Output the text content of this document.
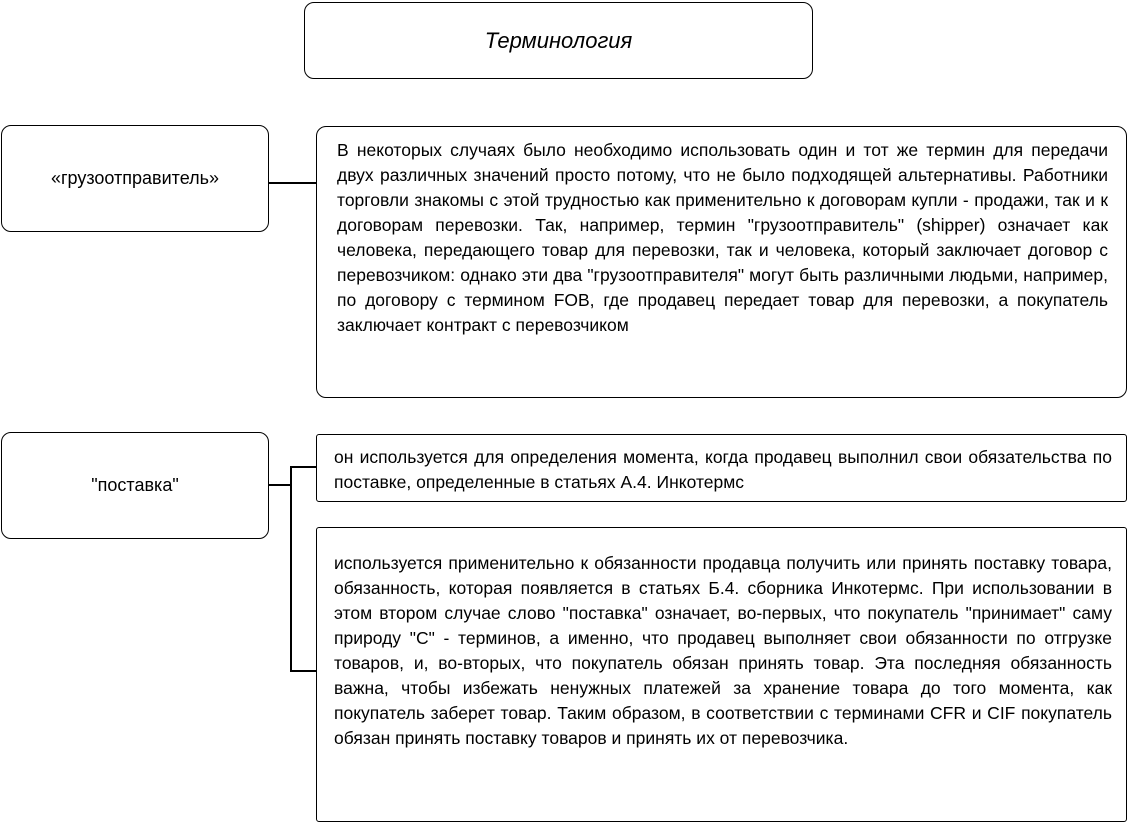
Терминология
«грузоотправитель»
В некоторых случаях было необходимо использовать один и тот же термин для передачи двух различных значений просто потому, что не было подходящей альтернативы. Работники торговли знакомы с этой трудностью как применительно к договорам купли - продажи, так и к договорам перевозки. Так, например, термин "грузоотправитель" (shipper) означает как человека, передающего товар для перевозки, так и человека, который заключает договор с перевозчиком: однако эти два "грузоотправителя" могут быть различными людьми, например, по договору с термином FOB, где продавец передает товар для перевозки, а покупатель заключает контракт с перевозчиком
"поставка"
он используется для определения момента, когда продавец выполнил свои обязательства по поставке, определенные в статьях А.4. Инкотермс
используется применительно к обязанности продавца получить или принять поставку товара, обязанность, которая появляется в статьях Б.4. сборника Инкотермс. При использовании в этом втором случае слово "поставка" означает, во-первых, что покупатель "принимает" саму природу "C" - терминов, а именно, что продавец выполняет свои обязанности по отгрузке товаров, и, во-вторых, что покупатель обязан принять товар. Эта последняя обязанность важна, чтобы избежать ненужных платежей за хранение товара до того момента, как покупатель заберет товар. Таким образом, в соответствии с терминами CFR и CIF покупатель обязан принять поставку товаров и принять их от перевозчика.
